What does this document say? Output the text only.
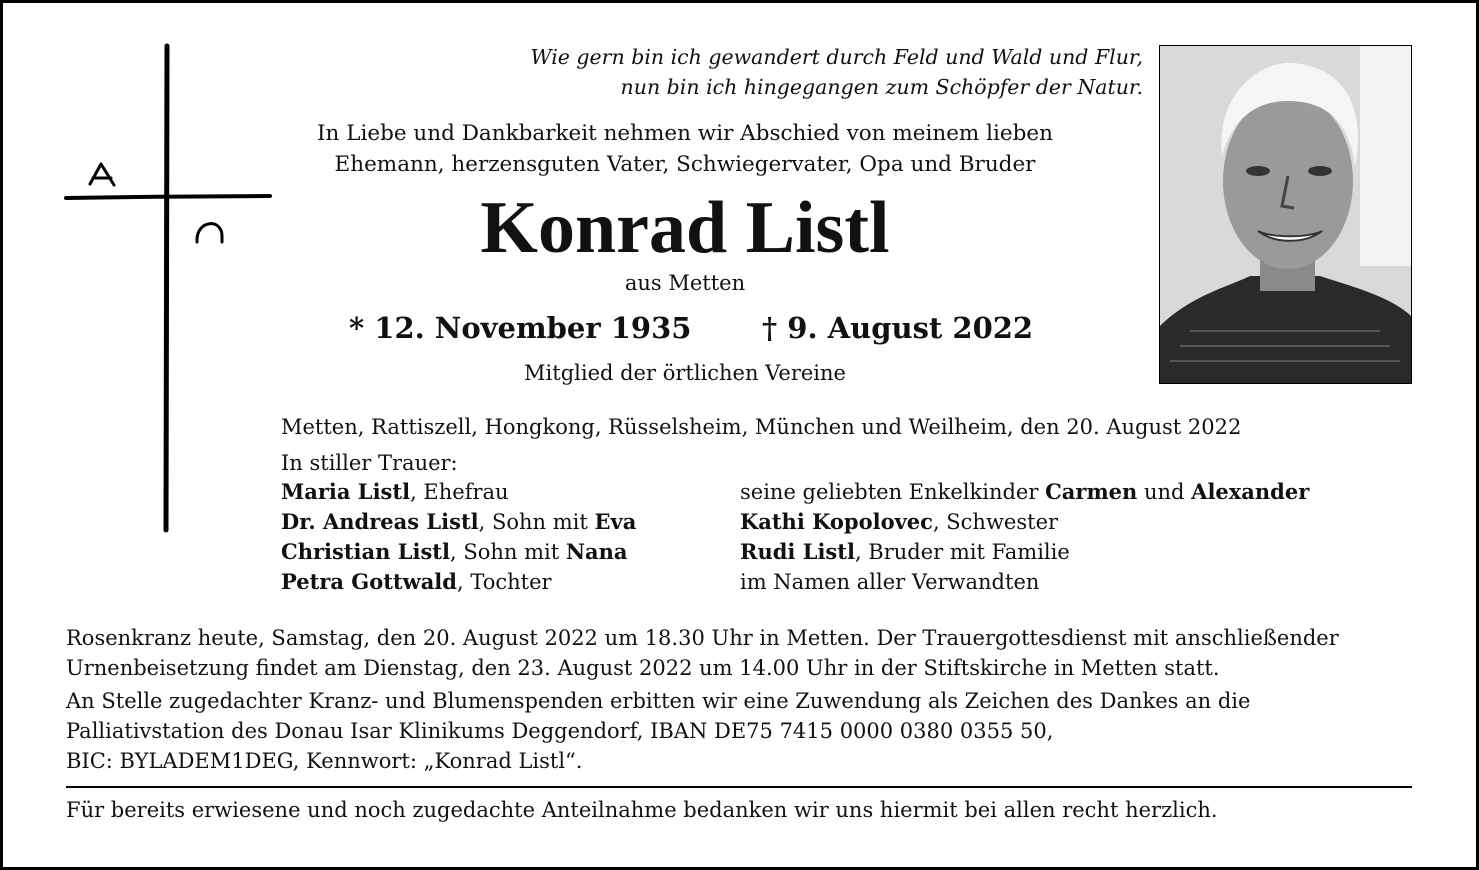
Wie gern bin ich gewandert durch Feld und Wald und Flur,
nun bin ich hingegangen zum Schöpfer der Natur.
In Liebe und Dankbarkeit nehmen wir Abschied von meinem lieben
Ehemann, herzensguten Vater, Schwiegervater, Opa und Bruder
Konrad Listl
aus Metten
* 12. November 1935 † 9. August 2022
Mitglied der örtlichen Vereine
Metten, Rattiszell, Hongkong, Rüsselsheim, München und Weilheim, den 20. August 2022
In stiller Trauer:
Maria Listl, Ehefrau
Dr. Andreas Listl, Sohn mit Eva
Christian Listl, Sohn mit Nana
Petra Gottwald, Tochter
seine geliebten Enkelkinder Carmen und Alexander
Kathi Kopolovec, Schwester
Rudi Listl, Bruder mit Familie
im Namen aller Verwandten
Rosenkranz heute, Samstag, den 20. August 2022 um 18.30 Uhr in Metten. Der Trauergottesdienst mit anschließender
Urnenbeisetzung findet am Dienstag, den 23. August 2022 um 14.00 Uhr in der Stiftskirche in Metten statt.
An Stelle zugedachter Kranz- und Blumenspenden erbitten wir eine Zuwendung als Zeichen des Dankes an die
Palliativstation des Donau Isar Klinikums Deggendorf, IBAN DE75 7415 0000 0380 0355 50,
BIC: BYLADEM1DEG, Kennwort: „Konrad Listl“.
Für bereits erwiesene und noch zugedachte Anteilnahme bedanken wir uns hiermit bei allen recht herzlich.
